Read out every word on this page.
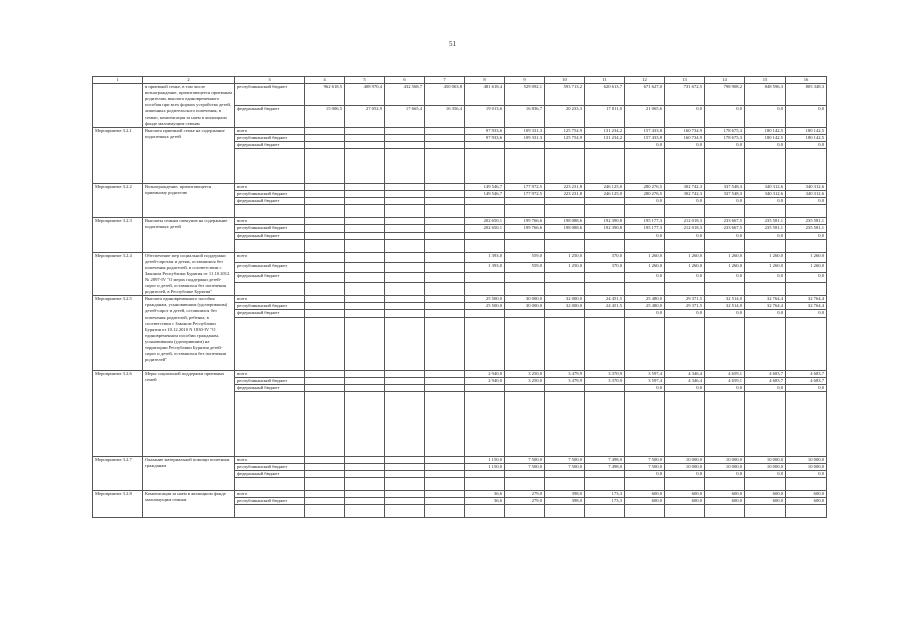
51
1	2	3	4	5	6	7	8	9	10	11	12	13	14	15	16
	в приемной семье, в том числе вознаграждение, причитающееся приемным родителям, выплата единовременного пособия при всех формах устройства детей, лишенных родительского попечения, в семью, компенсация за наем в жилищном фонде малоимущим семьям	республиканский бюджет	962 618,5	408 970,4	432 568,7	450 063,8	481 618,4	529 092,1	593 713,2	620 613,7	671 627,0	731 672,5	798 908,2	848 596,3	805 348,3
		федеральный бюджет	15 006,5	27 052,9	17 665,4	16 356,4	19 013,6	16 836,7	20 233,3	17 011,0	21 065,6	0,0	0,0	0,0	0,0
Мероприятие 3.2.1	Выплата приемной семье на содержание подопечных детей	всего					97 933,6	109 331,3	125 754,9	131 234,2	157 433,8	160 734,9	178 675,3	180 142,5	180 142,5
		республиканский бюджет					97 933,6	109 331,3	125 754,9	131 234,2	157 433,8	160 734,9	178 675,3	180 142,5	180 142,5
		федеральный бюджет									0,0	0,0	0,0	0,0	0,0

Мероприятие 3.2.2	Вознаграждение, причитающееся приемному родителю	всего					149 546,7	177 972,5	223 231,8	246 125,0	280 276,5	302 742,3	337 548,3	340 312,6	340 312,6
		республиканский бюджет					149 546,7	177 972,5	223 231,8	246 125,0	280 276,5	302 742,3	337 548,3	340 312,6	340 312,6
		федеральный бюджет									0,0	0,0	0,0	0,0	0,0

Мероприятие 3.2.3	Выплаты семьям опекунов на содержание подопечных детей	всего					202 650,1	199 766,6	198 088,6	192 390,8	195 177,3	212 018,3	233 667,5	235 581,1	235 581,1
		республиканский бюджет					202 650,1	199 766,6	198 088,6	192 390,8	195 177,3	212 018,3	233 667,5	235 581,1	235 581,1
		федеральный бюджет									0,0	0,0	0,0	0,0	0,0

Мероприятие 3.2.4	Обеспечение мер социальной поддержки детей-сиротам и детям, оставшимся без попечения родителей, в соответствии с Законом Республики Бурятия от 11.10.2012 № 2897-IV "О мерах поддержки детей-сирот и детей, оставшихся без попечения родителей, в Республике Бурятия"	всего					1 393,0	559,0	1 250,0	370,0	1 260,0	1 260,0	1 260,0	1 260,0	1 260,0
		республиканский бюджет					1 393,0	559,0	1 250,0	370,0	1 260,0	1 260,0	1 260,0	1 260,0	1 260,0
		федеральный бюджет									0,0	0,0	0,0	0,0	0,0

Мероприятие 3.2.5	Выплата единовременного пособия гражданам, усыновившим (удочерившим) детей-сирот и детей, оставшихся без попечения родителей, ребенка, в соответствии с Законом Республики Бурятия от 10.12.2010 N 1830-IV "О единовременном пособии гражданам, усыновившим (удочерившим) на территории Республики Бурятия детей-сирот и детей, оставшихся без попечения родителей"	всего					25 500,0	30 000,0	32 000,0	24 451,5	25 480,0	29 371,5	32 514,0	32 764,4	32 764,4
		республиканский бюджет					25 500,0	30 000,0	32 000,0	24 451,5	25 480,0	29 371,5	32 514,0	32 764,4	32 764,4
		федеральный бюджет									0,0	0,0	0,0	0,0	0,0

Мероприятие 3.2.6	Меры социальной поддержки приемных семей	всего					2 940,0	3 250,0	3 479,9	3 370,9	3 597,4	4 346,4	4 659,1	4 683,7	4 683,7
		республиканский бюджет					2 940,0	3 250,0	3 479,9	3 370,9	3 597,4	4 346,4	4 659,1	4 683,7	4 683,7
		федеральный бюджет									0,0	0,0	0,0	0,0	0,0

Мероприятие 3.2.7	Оказание материальной помощи почетным гражданам	всего					1 150,0	7 500,0	7 500,0	7 498,0	7 500,0	10 000,0	10 000,0	10 000,0	10 000,0
		республиканский бюджет					1 150,0	7 500,0	7 500,0	7 498,0	7 500,0	10 000,0	10 000,0	10 000,0	10 000,0
		федеральный бюджет									0,0	0,0	0,0	0,0	0,0

Мероприятие 3.2.8	Компенсация за наем в жилищном фонде малоимущим семьям	всего					36,6	279,0	398,0	173,3	600,0	600,0	600,0	600,0	600,0
		республиканский бюджет					36,6	279,0	398,0	173,3	600,0	600,0	600,0	600,0	600,0
